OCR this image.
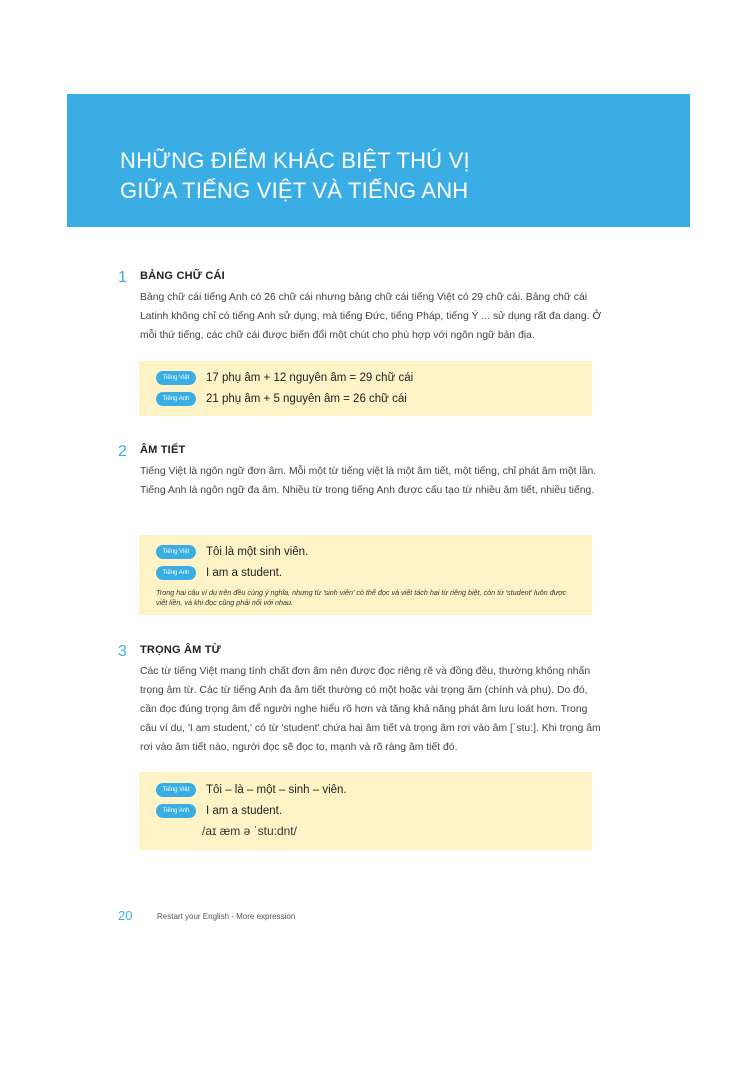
NHỮNG ĐIỂM KHÁC BIỆT THÚ VỊ
GIỮA TIẾNG VIỆT VÀ TIẾNG ANH
1 BẢNG CHỮ CÁI

Bảng chữ cái tiếng Anh có 26 chữ cái nhưng bảng chữ cái tiếng Việt có 29 chữ cái. Bảng chữ cái Latinh không chỉ có tiếng Anh sử dụng, mà tiếng Đức, tiếng Pháp, tiếng Ý ... sử dụng rất đa dạng. Ở mỗi thứ tiếng, các chữ cái được biến đổi một chút cho phù hợp với ngôn ngữ bản địa.

Tiếng Việt	17 phụ âm + 12 nguyên âm = 29 chữ cái
Tiếng Anh	21 phụ âm + 5 nguyên âm = 26 chữ cái
2 ÂM TIẾT

Tiếng Việt là ngôn ngữ đơn âm. Mỗi một từ tiếng việt là một âm tiết, một tiếng, chỉ phát âm một lần. Tiếng Anh là ngôn ngữ đa âm. Nhiều từ trong tiếng Anh được cấu tạo từ nhiều âm tiết, nhiều tiếng.

Tiếng Việt	Tôi là một sinh viên.
Tiếng Anh	I am a student.
Trong hai câu ví dụ trên đều cùng ý nghĩa, nhưng từ 'sinh viên' có thể đọc và viết tách hai từ riêng biệt, còn từ 'student' luôn được viết liền, và khi đọc cũng phải nối với nhau.
3 TRỌNG ÂM TỪ

Các từ tiếng Việt mang tính chất đơn âm nên được đọc riêng rẽ và đồng đều, thường không nhấn trọng âm từ. Các từ tiếng Anh đa âm tiết thường có một hoặc vài trọng âm (chính và phụ). Do đó, cần đọc đúng trọng âm để người nghe hiểu rõ hơn và tăng khả năng phát âm lưu loát hơn. Trong câu ví dụ, 'I am student,' có từ 'student' chứa hai âm tiết và trọng âm rơi vào âm [ˈstu:]. Khi trọng âm rơi vào âm tiết nào, người đọc sẽ đọc to, mạnh và rõ ràng âm tiết đó.

Tiếng Việt	Tôi – là – một – sinh – viên.
Tiếng Anh	I am a student.
/aɪ æm ə ˈstu:dnt/
20	Restart your English - More expression
